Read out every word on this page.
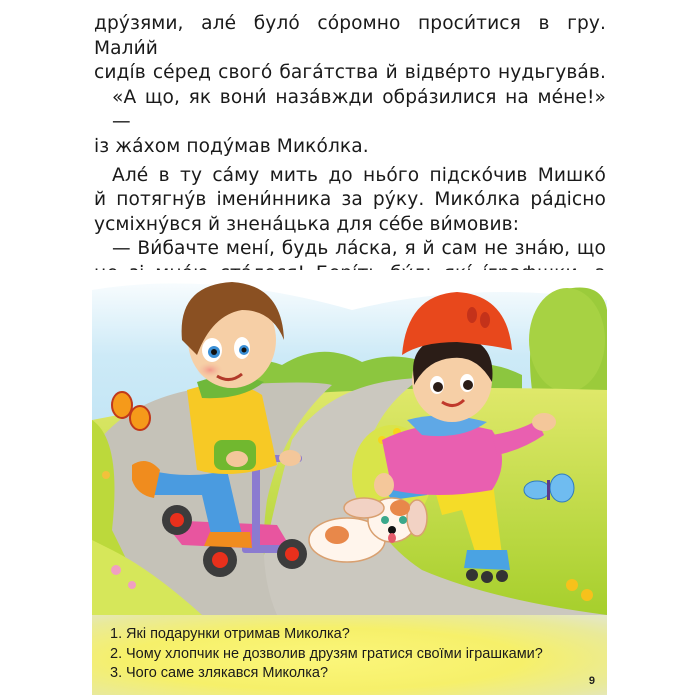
дру́зями, але́ було́ со́ромно проси́тися в гру. Мали́й
сиді́в се́ред свого́ бага́тства й відве́рто нудьгува́в.
«А що, як вони́ наза́вжди обра́зилися на ме́не!» —
із жа́хом поду́мав Мико́лка.
Але́ в ту са́му мить до ньо́го підско́чив Мишко́
й потягну́в імени́нника за ру́ку. Мико́лка ра́дісно
усміхну́вся й знена́цька для се́бе ви́мовив:
— Ви́бачте мені́, будь ла́ска, я й сам не зна́ю, що
1. Які подарунки отримав Миколка?
2. Чому хлопчик не дозволив друзям гратися своїми іграшками?
3. Чого саме злякався Миколка?	9
